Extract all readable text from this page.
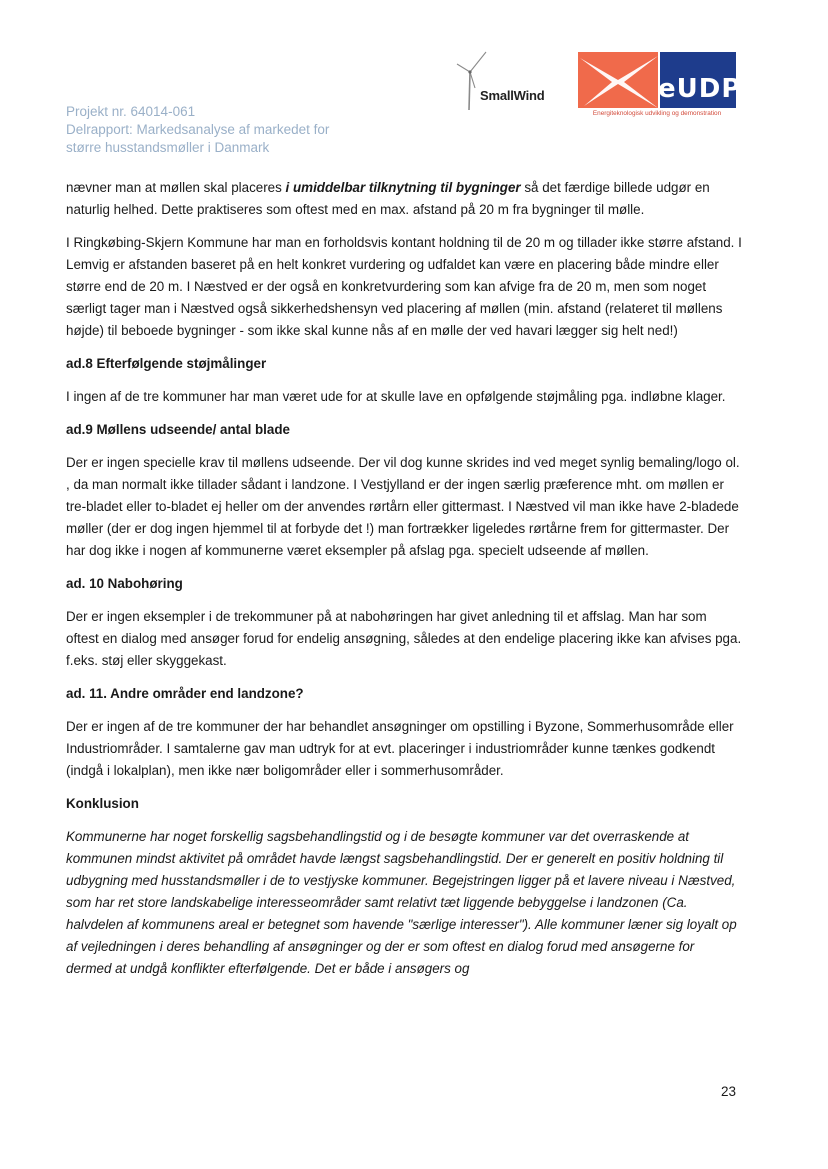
Projekt nr. 64014-061
Delrapport: Markedsanalyse af markedet for
større husstandsmøller i Danmark
SmallWind	eUDP
Energiteknologisk udvikling og demonstration

nævner man at møllen skal placeres i umiddelbar tilknytning til bygninger så det færdige billede udgør en naturlig helhed. Dette praktiseres som oftest med en max. afstand på 20 m fra bygninger til mølle.

I Ringkøbing-Skjern Kommune har man en forholdsvis kontant holdning til de 20 m og tillader ikke større afstand. I Lemvig er afstanden baseret på en helt konkret vurdering og udfaldet kan være en placering både mindre eller større end de 20 m. I Næstved er der også en konkretvurdering som kan afvige fra de 20 m, men som noget særligt tager man i Næstved også sikkerhedshensyn ved placering af møllen (min. afstand (relateret til møllens højde) til beboede bygninger - som ikke skal kunne nås af en mølle der ved havari lægger sig helt ned!)

ad.8 Efterfølgende støjmålinger

I ingen af de tre kommuner har man været ude for at skulle lave en opfølgende støjmåling pga. indløbne klager.

ad.9 Møllens udseende/ antal blade

Der er ingen specielle krav til møllens udseende. Der vil dog kunne skrides ind ved meget synlig bemaling/logo ol. , da man normalt ikke tillader sådant i landzone. I Vestjylland er der ingen særlig præference mht. om møllen er tre-bladet eller to-bladet ej heller om der anvendes rørtårn eller gittermast. I Næstved vil man ikke have 2-bladede møller (der er dog ingen hjemmel til at forbyde det !) man fortrækker ligeledes rørtårne frem for gittermaster. Der har dog ikke i nogen af kommunerne været eksempler på afslag pga. specielt udseende af møllen.

ad. 10 Nabohøring

Der er ingen eksempler i de trekommuner på at nabohøringen har givet anledning til et affslag. Man har som oftest en dialog med ansøger forud for endelig ansøgning, således at den endelige placering ikke kan afvises pga. f.eks. støj eller skyggekast.

ad. 11. Andre områder end landzone?

Der er ingen af de tre kommuner der har behandlet ansøgninger om opstilling i Byzone, Sommerhusområde eller Industriområder. I samtalerne gav man udtryk for at evt. placeringer i industriområder kunne tænkes godkendt (indgå i lokalplan), men ikke nær boligområder eller i sommerhusområder.

Konklusion

Kommunerne har noget forskellig sagsbehandlingstid og i de besøgte kommuner var det overraskende at kommunen mindst aktivitet på området havde længst sagsbehandlingstid. Der er generelt en positiv holdning til udbygning med husstandsmøller i de to vestjyske kommuner. Begejstringen ligger på et lavere niveau i Næstved, som har ret store landskabelige interesseområder samt relativt tæt liggende bebyggelse i landzonen (Ca. halvdelen af kommunens areal er betegnet som havende "særlige interesser"). Alle kommuner læner sig loyalt op af vejledningen i deres behandling af ansøgninger og der er som oftest en dialog forud med ansøgerne for dermed at undgå konflikter efterfølgende. Det er både i ansøgers og

23
